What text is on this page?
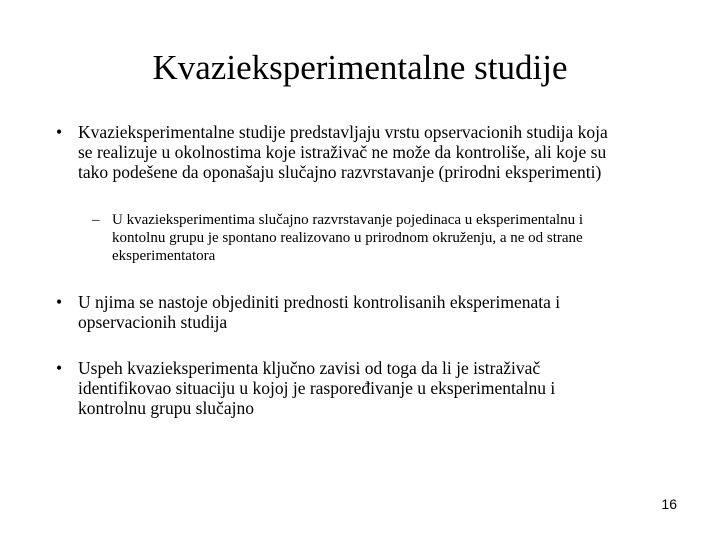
Kvazieksperimentalne studije
• Kvazieksperimentalne studije predstavljaju vrstu opservacionih studija koja
se realizuje u okolnostima koje istraživač ne može da kontroliše, ali koje su
tako podešene da oponašaju slučajno razvrstavanje (prirodni eksperimenti)
– U kvazieksperimentima slučajno razvrstavanje pojedinaca u eksperimentalnu i
kontolnu grupu je spontano realizovano u prirodnom okruženju, a ne od strane
eksperimentatora
• U njima se nastoje objediniti prednosti kontrolisanih eksperimenata i
opservacionih studija
• Uspeh kvazieksperimenta ključno zavisi od toga da li je istraživač
identifikovao situaciju u kojoj je raspoređivanje u eksperimentalnu i
kontrolnu grupu slučajno
16
